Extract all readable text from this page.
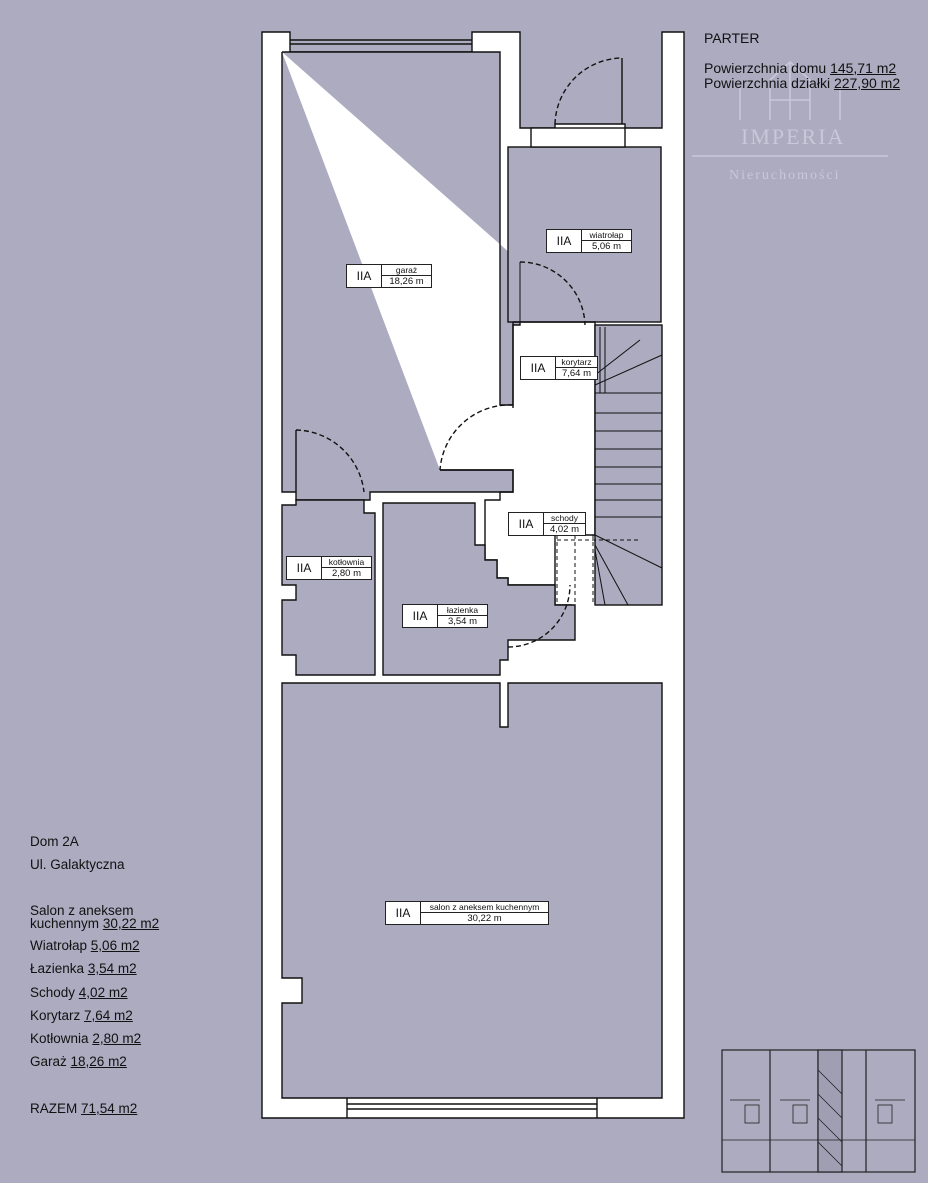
IMPERIA
Nieruchomości
PARTER
Powierzchnia domu 145,71 m2
Powierzchnia działki 227,90 m2
IIA	garaż
18,26 m
IIA	wiatrołap
5,06 m
IIA	korytarz
7,64 m
IIA	schody
4,02 m
IIA	kotłownia
2,80 m
IIA	łazienka
3,54 m
IIA	salon z aneksem kuchennym
30,22 m
Dom 2A
Ul. Galaktyczna
Salon z aneksem
kuchennym 30,22 m2
Wiatrołap 5,06 m2
Łazienka 3,54 m2
Schody 4,02 m2
Korytarz 7,64 m2
Kotłownia 2,80 m2
Garaż 18,26 m2
RAZEM 71,54 m2
